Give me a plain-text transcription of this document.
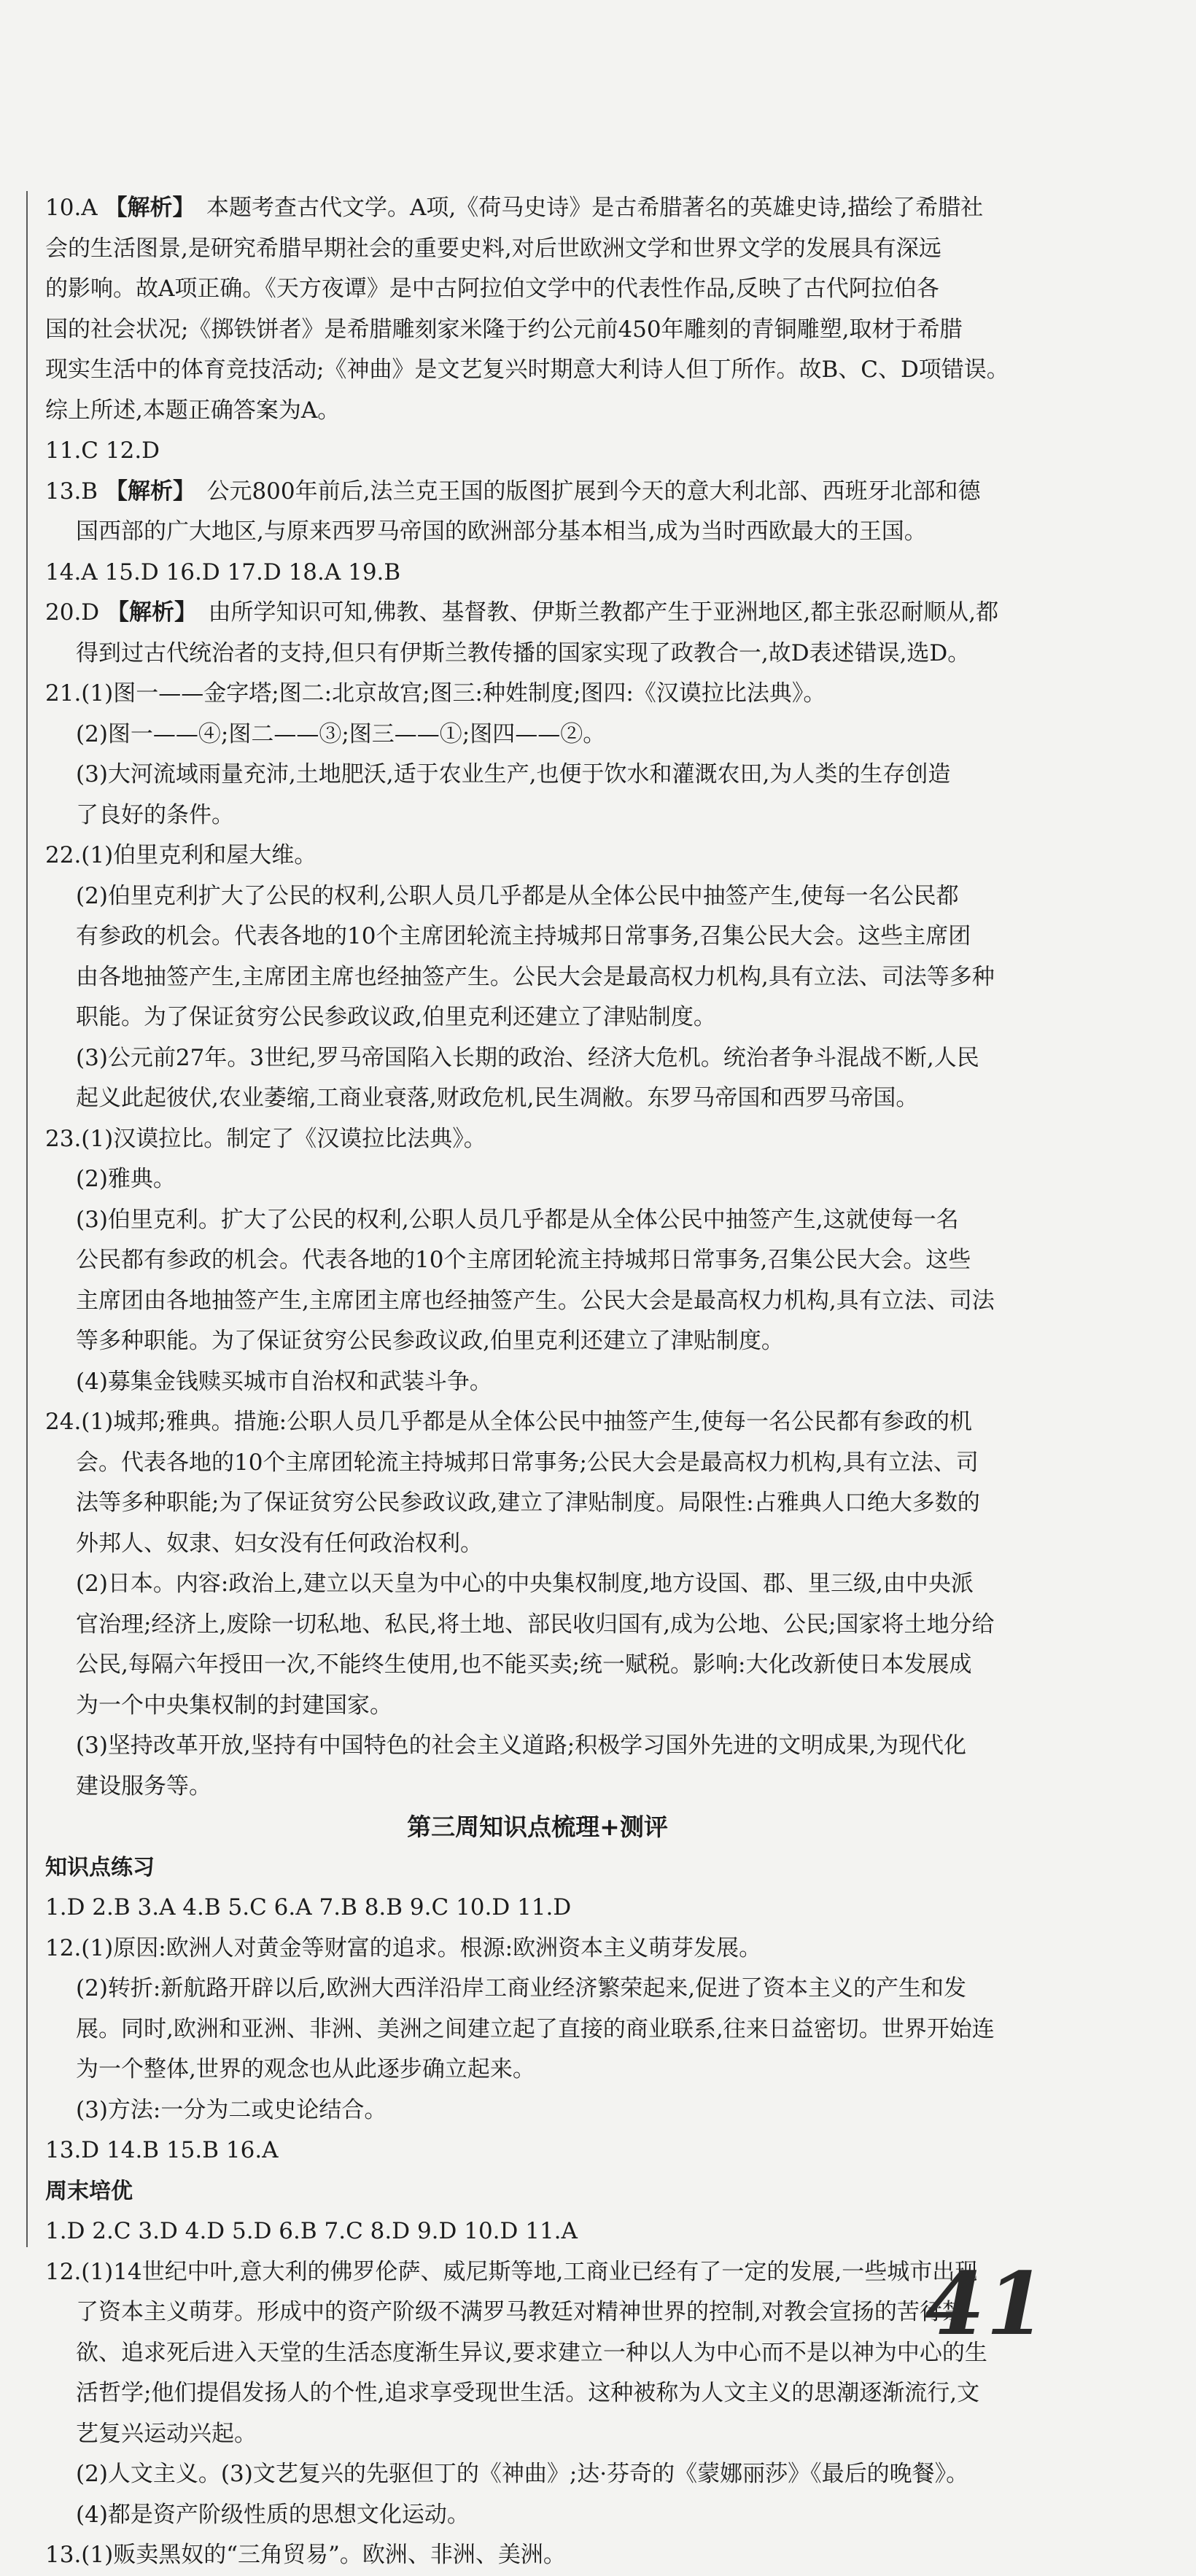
10.A 【解析】  本题考查古代文学。A项,《荷马史诗》是古希腊著名的英雄史诗,描绘了希腊社
会的生活图景,是研究希腊早期社会的重要史料,对后世欧洲文学和世界文学的发展具有深远
的影响。故A项正确。《天方夜谭》是中古阿拉伯文学中的代表性作品,反映了古代阿拉伯各
国的社会状况;《掷铁饼者》是希腊雕刻家米隆于约公元前450年雕刻的青铜雕塑,取材于希腊
现实生活中的体育竞技活动;《神曲》是文艺复兴时期意大利诗人但丁所作。故B、C、D项错误。
综上所述,本题正确答案为A。
11.C 12.D
13.B 【解析】  公元800年前后,法兰克王国的版图扩展到今天的意大利北部、西班牙北部和德
国西部的广大地区,与原来西罗马帝国的欧洲部分基本相当,成为当时西欧最大的王国。
14.A 15.D 16.D 17.D 18.A 19.B
20.D 【解析】  由所学知识可知,佛教、基督教、伊斯兰教都产生于亚洲地区,都主张忍耐顺从,都
得到过古代统治者的支持,但只有伊斯兰教传播的国家实现了政教合一,故D表述错误,选D。
21.(1)图一——金字塔;图二:北京故宫;图三:种姓制度;图四:《汉谟拉比法典》。
(2)图一——④;图二——③;图三——①;图四——②。
(3)大河流域雨量充沛,土地肥沃,适于农业生产,也便于饮水和灌溉农田,为人类的生存创造
了良好的条件。
22.(1)伯里克利和屋大维。
(2)伯里克利扩大了公民的权利,公职人员几乎都是从全体公民中抽签产生,使每一名公民都
有参政的机会。代表各地的10个主席团轮流主持城邦日常事务,召集公民大会。这些主席团
由各地抽签产生,主席团主席也经抽签产生。公民大会是最高权力机构,具有立法、司法等多种
职能。为了保证贫穷公民参政议政,伯里克利还建立了津贴制度。
(3)公元前27年。3世纪,罗马帝国陷入长期的政治、经济大危机。统治者争斗混战不断,人民
起义此起彼伏,农业萎缩,工商业衰落,财政危机,民生凋敝。东罗马帝国和西罗马帝国。
23.(1)汉谟拉比。制定了《汉谟拉比法典》。
(2)雅典。
(3)伯里克利。扩大了公民的权利,公职人员几乎都是从全体公民中抽签产生,这就使每一名
公民都有参政的机会。代表各地的10个主席团轮流主持城邦日常事务,召集公民大会。这些
主席团由各地抽签产生,主席团主席也经抽签产生。公民大会是最高权力机构,具有立法、司法
等多种职能。为了保证贫穷公民参政议政,伯里克利还建立了津贴制度。
(4)募集金钱赎买城市自治权和武装斗争。
24.(1)城邦;雅典。措施:公职人员几乎都是从全体公民中抽签产生,使每一名公民都有参政的机
会。代表各地的10个主席团轮流主持城邦日常事务;公民大会是最高权力机构,具有立法、司
法等多种职能;为了保证贫穷公民参政议政,建立了津贴制度。局限性:占雅典人口绝大多数的
外邦人、奴隶、妇女没有任何政治权利。
(2)日本。内容:政治上,建立以天皇为中心的中央集权制度,地方设国、郡、里三级,由中央派
官治理;经济上,废除一切私地、私民,将土地、部民收归国有,成为公地、公民;国家将土地分给
公民,每隔六年授田一次,不能终生使用,也不能买卖;统一赋税。影响:大化改新使日本发展成
为一个中央集权制的封建国家。
(3)坚持改革开放,坚持有中国特色的社会主义道路;积极学习国外先进的文明成果,为现代化
建设服务等。
第三周知识点梳理+测评
知识点练习
1.D 2.B 3.A 4.B 5.C 6.A 7.B 8.B 9.C 10.D 11.D
12.(1)原因:欧洲人对黄金等财富的追求。根源:欧洲资本主义萌芽发展。
(2)转折:新航路开辟以后,欧洲大西洋沿岸工商业经济繁荣起来,促进了资本主义的产生和发
展。同时,欧洲和亚洲、非洲、美洲之间建立起了直接的商业联系,往来日益密切。世界开始连
为一个整体,世界的观念也从此逐步确立起来。
(3)方法:一分为二或史论结合。
13.D 14.B 15.B 16.A
周末培优
1.D 2.C 3.D 4.D 5.D 6.B 7.C 8.D 9.D 10.D 11.A
12.(1)14世纪中叶,意大利的佛罗伦萨、威尼斯等地,工商业已经有了一定的发展,一些城市出现
了资本主义萌芽。形成中的资产阶级不满罗马教廷对精神世界的控制,对教会宣扬的苦行禁
欲、追求死后进入天堂的生活态度渐生异议,要求建立一种以人为中心而不是以神为中心的生
活哲学;他们提倡发扬人的个性,追求享受现世生活。这种被称为人文主义的思潮逐渐流行,文
艺复兴运动兴起。
(2)人文主义。(3)文艺复兴的先驱但丁的《神曲》;达·芬奇的《蒙娜丽莎》《最后的晚餐》。
(4)都是资产阶级性质的思想文化运动。
13.(1)贩卖黑奴的“三角贸易”。欧洲、非洲、美洲。
41
